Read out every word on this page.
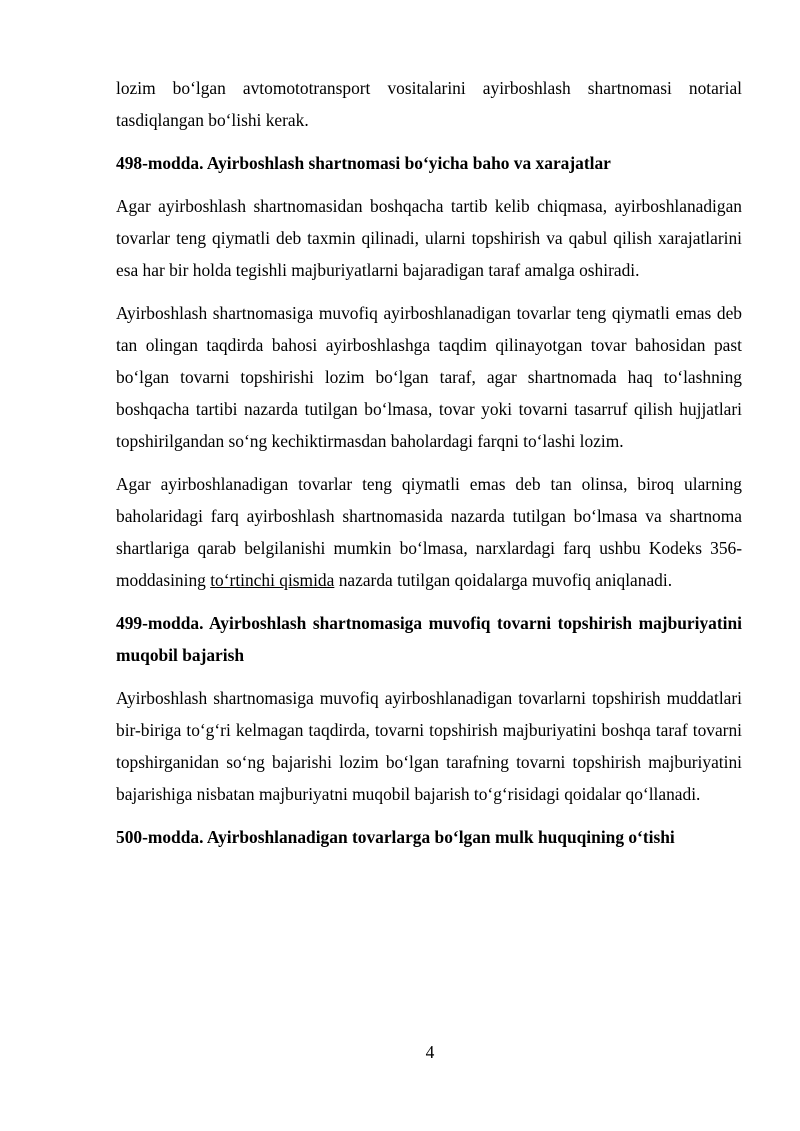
lozim bo‘lgan avtomototransport vositalarini ayirboshlash shartnomasi notarial tasdiqlangan bo‘lishi kerak.

498-modda. Ayirboshlash shartnomasi bo‘yicha baho va xarajatlar

Agar ayirboshlash shartnomasidan boshqacha tartib kelib chiqmasa, ayirboshlanadigan tovarlar teng qiymatli deb taxmin qilinadi, ularni topshirish va qabul qilish xarajatlarini esa har bir holda tegishli majburiyatlarni bajaradigan taraf amalga oshiradi.

Ayirboshlash shartnomasiga muvofiq ayirboshlanadigan tovarlar teng qiymatli emas deb tan olingan taqdirda bahosi ayirboshlashga taqdim qilinayotgan tovar bahosidan past bo‘lgan tovarni topshirishi lozim bo‘lgan taraf, agar shartnomada haq to‘lashning boshqacha tartibi nazarda tutilgan bo‘lmasa, tovar yoki tovarni tasarruf qilish hujjatlari topshirilgandan so‘ng kechiktirmasdan baholardagi farqni to‘lashi lozim.

Agar ayirboshlanadigan tovarlar teng qiymatli emas deb tan olinsa, biroq ularning baholaridagi farq ayirboshlash shartnomasida nazarda tutilgan bo‘lmasa va shartnoma shartlariga qarab belgilanishi mumkin bo‘lmasa, narxlardagi farq ushbu Kodeks 356-moddasining to‘rtinchi qismida nazarda tutilgan qoidalarga muvofiq aniqlanadi.

499-modda. Ayirboshlash shartnomasiga muvofiq tovarni topshirish majburiyatini muqobil bajarish

Ayirboshlash shartnomasiga muvofiq ayirboshlanadigan tovarlarni topshirish muddatlari bir-biriga to‘g‘ri kelmagan taqdirda, tovarni topshirish majburiyatini boshqa taraf tovarni topshirganidan so‘ng bajarishi lozim bo‘lgan tarafning tovarni topshirish majburiyatini bajarishiga nisbatan majburiyatni muqobil bajarish to‘g‘risidagi qoidalar qo‘llanadi.

500-modda. Ayirboshlanadigan tovarlarga bo‘lgan mulk huquqining o‘tishi

4
